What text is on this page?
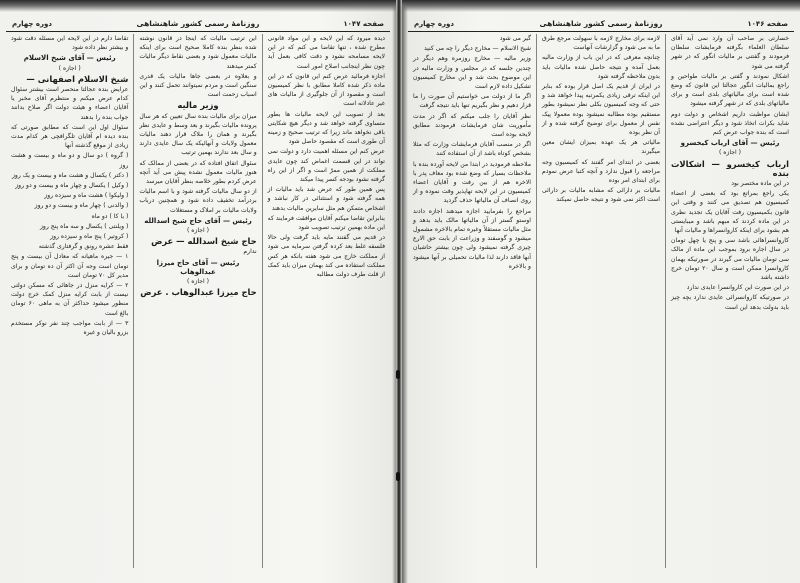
صفحه ۱۰۴۷
روزنامهٔ رسمی کشور شاهنشاهی
دوره چهارم

دیده میرود که این لایحه و این مواد قانونی مطرح شده ، تنها تقاضا می کنم که در این لایحه مسامحه نشود و دقت کافی بعمل آید چون نظر اینجانب اصلاح امور است

اجازه فرمائید عرض کنم این قانون که در این ماده ذکر شده کاملا مطابق با نظر کمیسیون است و مقصود از آن جلوگیری از مالیات های غیر عادلانه است

بعد از تصویب این لایحه مالیات ها بطور متساوی گرفته خواهد شد و دیگر هیچ شکایتی باقی نخواهد ماند زیرا که ترتیب صحیح و زمینه آن طوری است که مقصود حاصل شود

عرض کنم این مسئله اهمیت دارد و دولت نمی تواند در این قسمت اغماض کند چون عایدی مملکت از همین ممرّ است و اگر از این راه گرفته نشود بودجه کسر پیدا میکند

پس همین طور که عرض شد باید مالیات از همه گرفته شود و استثنائی در کار نباشد و اشخاص متمکن هم مثل سایرین مالیات بدهند

بنابراین تقاضا میکنم آقایان موافقت فرمایند که این ماده بهمین ترتیب تصویب شود

در قدیم می گفتند مایه باید گرفت ولی حالا فلسفه غلط بعد کرده گرفتن سرمایه می شود از مملکت خارج می شود هفته بانکه هر کس مملکت استفاده می کند بهمان میزان باید کمک از قلت طرف دولت مطالبه

این ترتیب مالیات که اینجا در قانون نوشته شده بنظر بنده کاملا صحیح است برای اینکه مالیات معمول شود و بعضی نقاط دیگر مالیات کمتر میدهند

و بعلاوه در بعضی جاها مالیات یک قدری سنگین است و مردم نمیتوانند تحمل کنند و این اسباب زحمت است

وزیر مالیه

میزان برای مالیات بنده سال تعیین که هر سال پرونده مالیات بگیرند و بعد وسط و عایدی نظر بگیرند و همان را ملاک قرار دهند مالیات معمول ولایات و آنهائیکه یک سال عایدی دارند و سال بعد ندارند بهمین ترتیب

سئوال اتفاق افتاده که در بعضی از ممالک که هنوز مالیات معمول نشده پیش می آید آنچه عرض کردم بطور خلاصه بنظر آقایان میرسد

از دو سال مالیات گرفته شود و با اسم مالیات بردرآمد تخفیف داده شود و همچنین درباب ولایات مالیات بر املاک و مستغلات

رئیس — آقای حاج شیخ اسدالله

( اجازه )

حاج شیخ اسدالله — عرض

ندارم

رئیس — آقای حاج میرزا عبدالوهاب

( اجازه )

حاج میرزا عبدالوهاب . عرض

تقاضا دارم در این لایحه این مسئله دقت شود و بیشتر نظر داده شود

رئیس — آقای شیخ الاسلام

( اجازه )

شیخ الاسلام اصفهانی —

عرایض بنده عجالتا منحصر است بیشتر سئوال کدام عرض میکنم و منتظرم آقای مخبر یا آقایان اعضاء و هیئت دولت اگر صلاح بدانند جواب بنده را بدهند

سئوال اول این است که مطابق صورتی که بنده دیده ام آقایان تلگرافچی هر کدام مدت زیادی از موقع گذشته آنها

( گروه ) دو سال و دو ماه و بیست و هشت روز

( دکتر ) یکسال و هشت ماه و بیست و یک روز

( وکیل ) یکسال و چهار ماه و بیست و دو روز

( ولیکوا ) هشت ماه و سیزده روز

( والدنی ) چهار ماه و بیست و دو روز

( یا کا ) دو ماه

( ویلنتی ) یکسال و سه ماه پنج روز

( کروتیر ) پنج ماه و سیزده روز

فقط عشره رونق و گرفتاری گذشته

۱ — جیره ماهیانه که معادل آن بیست و پنج تومان است وجه آن اکثر آن ده تومان و برای مدیر کل ۷۰ تومان است

۲ — کرایه منزل در جاهائی که مسکن دولتی نیست از بابت کرایه منزل کمک خرج دولت منظور میشود حداکثر آن به ماهی ۶۰ تومان بالغ است

۳ — از بابت مواجب چند نفر نوکر مستخدم بزرو بالیان و غیره

صفحه ۱۰۴۶
روزنامهٔ رسمی کشور شاهنشاهی
دوره چهارم

خسارتی بر صاحب آن وارد نمی آید آقای سلطان العلماء بگرفته فرمایشات سلطان فرمودند و گفتنی بر مالیات انگور که در شهر گرفته می شود

اشکال نمودند و گفتی بر مالیات طواحین و راجع بمالیات انگور عجالتا این قانون که وضع شده است برای مالیاتهای بلدی است و برای مالیاتهای بلدی که در شهر گرفته میشود

ایشان مواظبت داریم اشخاص و دولت دوم شاید بکرات اتخاذ شود و دیگر اعتراضی نشده است که بنده جواب عرض کنم

رئیس — آقای ارباب کیخسرو

( اجازه )

ارباب کیخسرو — اشکالات بنده

در این ماده مختصر بود

یکی راجع بمراتع بود که بعضی از اعضاء کمیسیون هم تصدیق می کنند و وقتی این قانون بکمیسیون رفت آقایان یک تجدید نظری در این ماده کردند که مبهم باشد و میبایستی هم بشود برای اینکه کاروانسراها و مالیات آنها

کاروانسراهائی باشد سی و پنج یا چهل تومان در سال اجاره برود بموجب این ماده از مالک سی تومان مالیات می گیرند در صورتیکه بهمان کاروانسرا ممکن است و سال ۲۰ تومان خرج داشته باشد

در این صورت این کاروانسرا عایدی ندارد

در صورتیکه کاروانسرائی عایدی ندارد بچه چیز باید بدولت بدهد این است

لازمه برای مخارج لازمه با سهولت مرجع طرق ما به می شود و گزارشات آنهاست

چنانچه معرفی که در این باب از وزارت مالیه بعمل آمده و نتیجه حاصل شده مالیات باید بدون ملاحظه گرفته شود

در ایران از قدیم یک اصل قرار بوده که بنابر این اینکه ترقی زیادی یکمرتبه پیدا خواهد شد و حتی که وجه کمیسیون بکلی نظر نمیشود بطور مستقیم بوده مطالبه نمیشود بوده معمولا پیک نفس از معمول برای توضیح گرفته شده و از آن نظر بوده

مالیاتی هر یک عهده بمیزان ایشان معین میگیرند

بعضی در ابتدای امر گفتند که کمیسیون وجه مراجعه را قبول ندارد و آنچه کتبا عرض نمودم برای ابتدای امر بوده

مالیات بر دارائی که مشابه مالیات بر دارائی است اکثر نمی شود و نتیجه حاصل نمیکند

گیر می شود

شیخ الاسلام — مخارج دیگر را چه می کنید

وزیر مالیه — مخارج روزمره وهم دیگر در چندین جلسه که در مجلس و وزارت مالیه در این موضوع بحث شد و این مخارج کمیسیون تشکیل داده لازم است

اگر ما از دولت می خواستیم آن صورت را ما قرار دهیم و نظر بگیریم تنها باید نتیجه گرفت

نظر آقایان را جلب میکنم که اگر در مدت مأموریت شان فرمایشات فرمودند مطابق لایحه بوده است

اگر در منصب آقایان فرمایشات وزارت که مثلا بشخص کوتاه باشد از آن استفاده کنند

ملاحظه فرمودید در ابتدا من لایحه آورده بنده با ملاحظات بسیار که وضع شده بود معاف پدر با الاخره هم از بین رفت و آقایان اعضاء کمیسیون در این لایحه تهاپذیر وقت نموده و از روی انصاف آن مالیاتها حذف گردید

مراجع را بفرمایید اجازه میدهند اجازه دادند اوستو گستر از آن مالیاتها مالک باید بدهد و مثل مالیات مستقلاً وغیره تمام بالاخره مشمول میشود و گوسفند و وزراعت از بابت حق الارع چیزی گرفته نمیشود ولی چون بیشتر حاشیان آنها فاقد دارند لذا مالیات تحمیلی بر آنها میشود و بالاخره
